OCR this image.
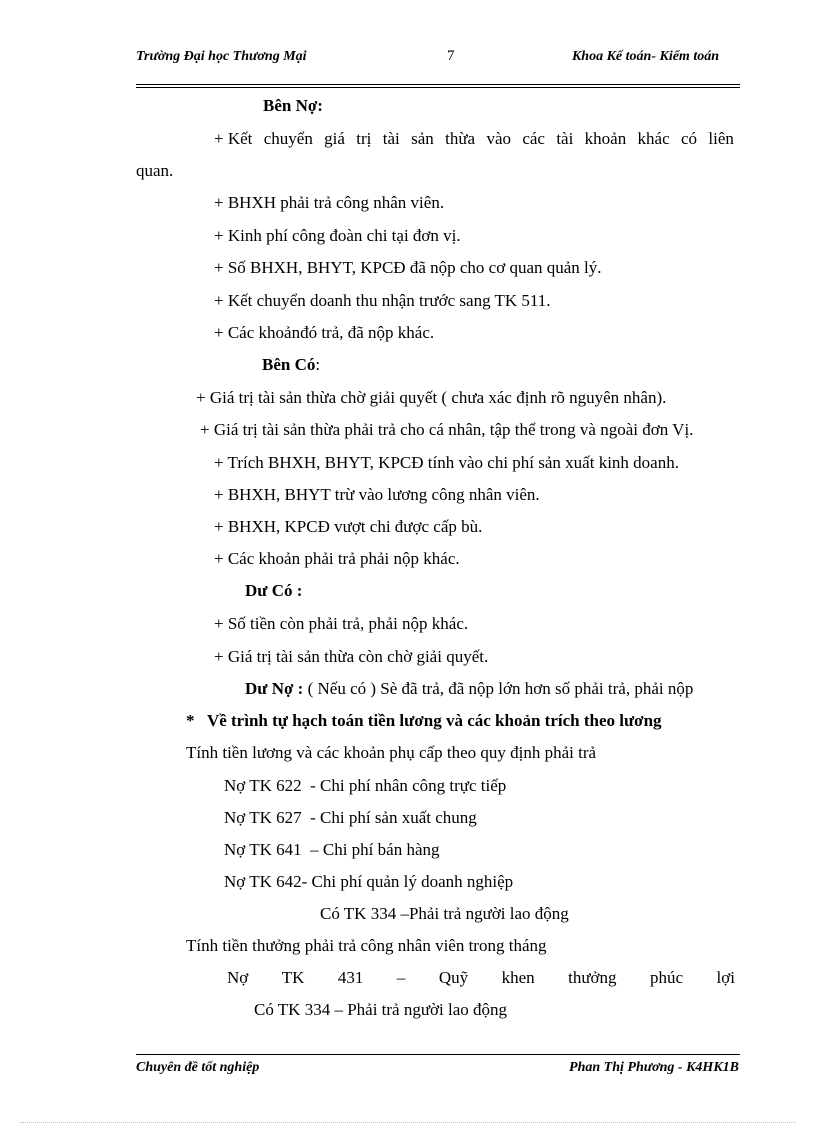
Trường Đại học Thương Mại	7	Khoa Kế toán- Kiểm toán
Bên Nợ:
+ Kết chuyển giá trị tài sản thừa vào các tài khoản khác có liên
quan.
+ BHXH phải trả công nhân viên.
+ Kinh phí công đoàn chi tại đơn vị.
+ Số BHXH, BHYT, KPCĐ đã nộp cho cơ quan quản lý.
+ Kết chuyển doanh thu nhận trước sang TK 511.
+ Các khoảnđó trả, đã nộp khác.
Bên Có:
+ Giá trị tài sản thừa chờ giải quyết ( chưa xác định rõ nguyên nhân).
+ Giá trị tài sản thừa phải trả cho cá nhân, tập thể trong và ngoài đơn Vị.
+ Trích BHXH, BHYT, KPCĐ tính vào chi phí sản xuất kinh doanh.
+ BHXH, BHYT trừ vào lương công nhân viên.
+ BHXH, KPCĐ vượt chi được cấp bù.
+ Các khoản phải trả phải nộp khác.
Dư Có :
+ Số tiền còn phải trả, phải nộp khác.
+ Giá trị tài sản thừa còn chờ giải quyết.
Dư Nợ : ( Nếu có ) Sè đã trả, đã nộp lớn hơn số phải trả, phải nộp
*   Về trình tự hạch toán tiền lương và các khoản trích theo lương
Tính tiền lương và các khoản phụ cấp theo quy định phải trả
Nợ TK 622  - Chi phí nhân công trực tiếp
Nợ TK 627  - Chi phí sản xuất chung
Nợ TK 641  – Chi phí bán hàng
Nợ TK 642- Chi phí quản lý doanh nghiệp
Có TK 334 –Phải trả người lao động
Tính tiền thưởng phải trả công nhân viên trong tháng
Nợ TK 431 – Quỹ khen thưởng phúc lợi
Có TK 334 – Phải trả người lao động
Chuyên đề tốt nghiệp	Phan Thị Phương - K4HK1B
